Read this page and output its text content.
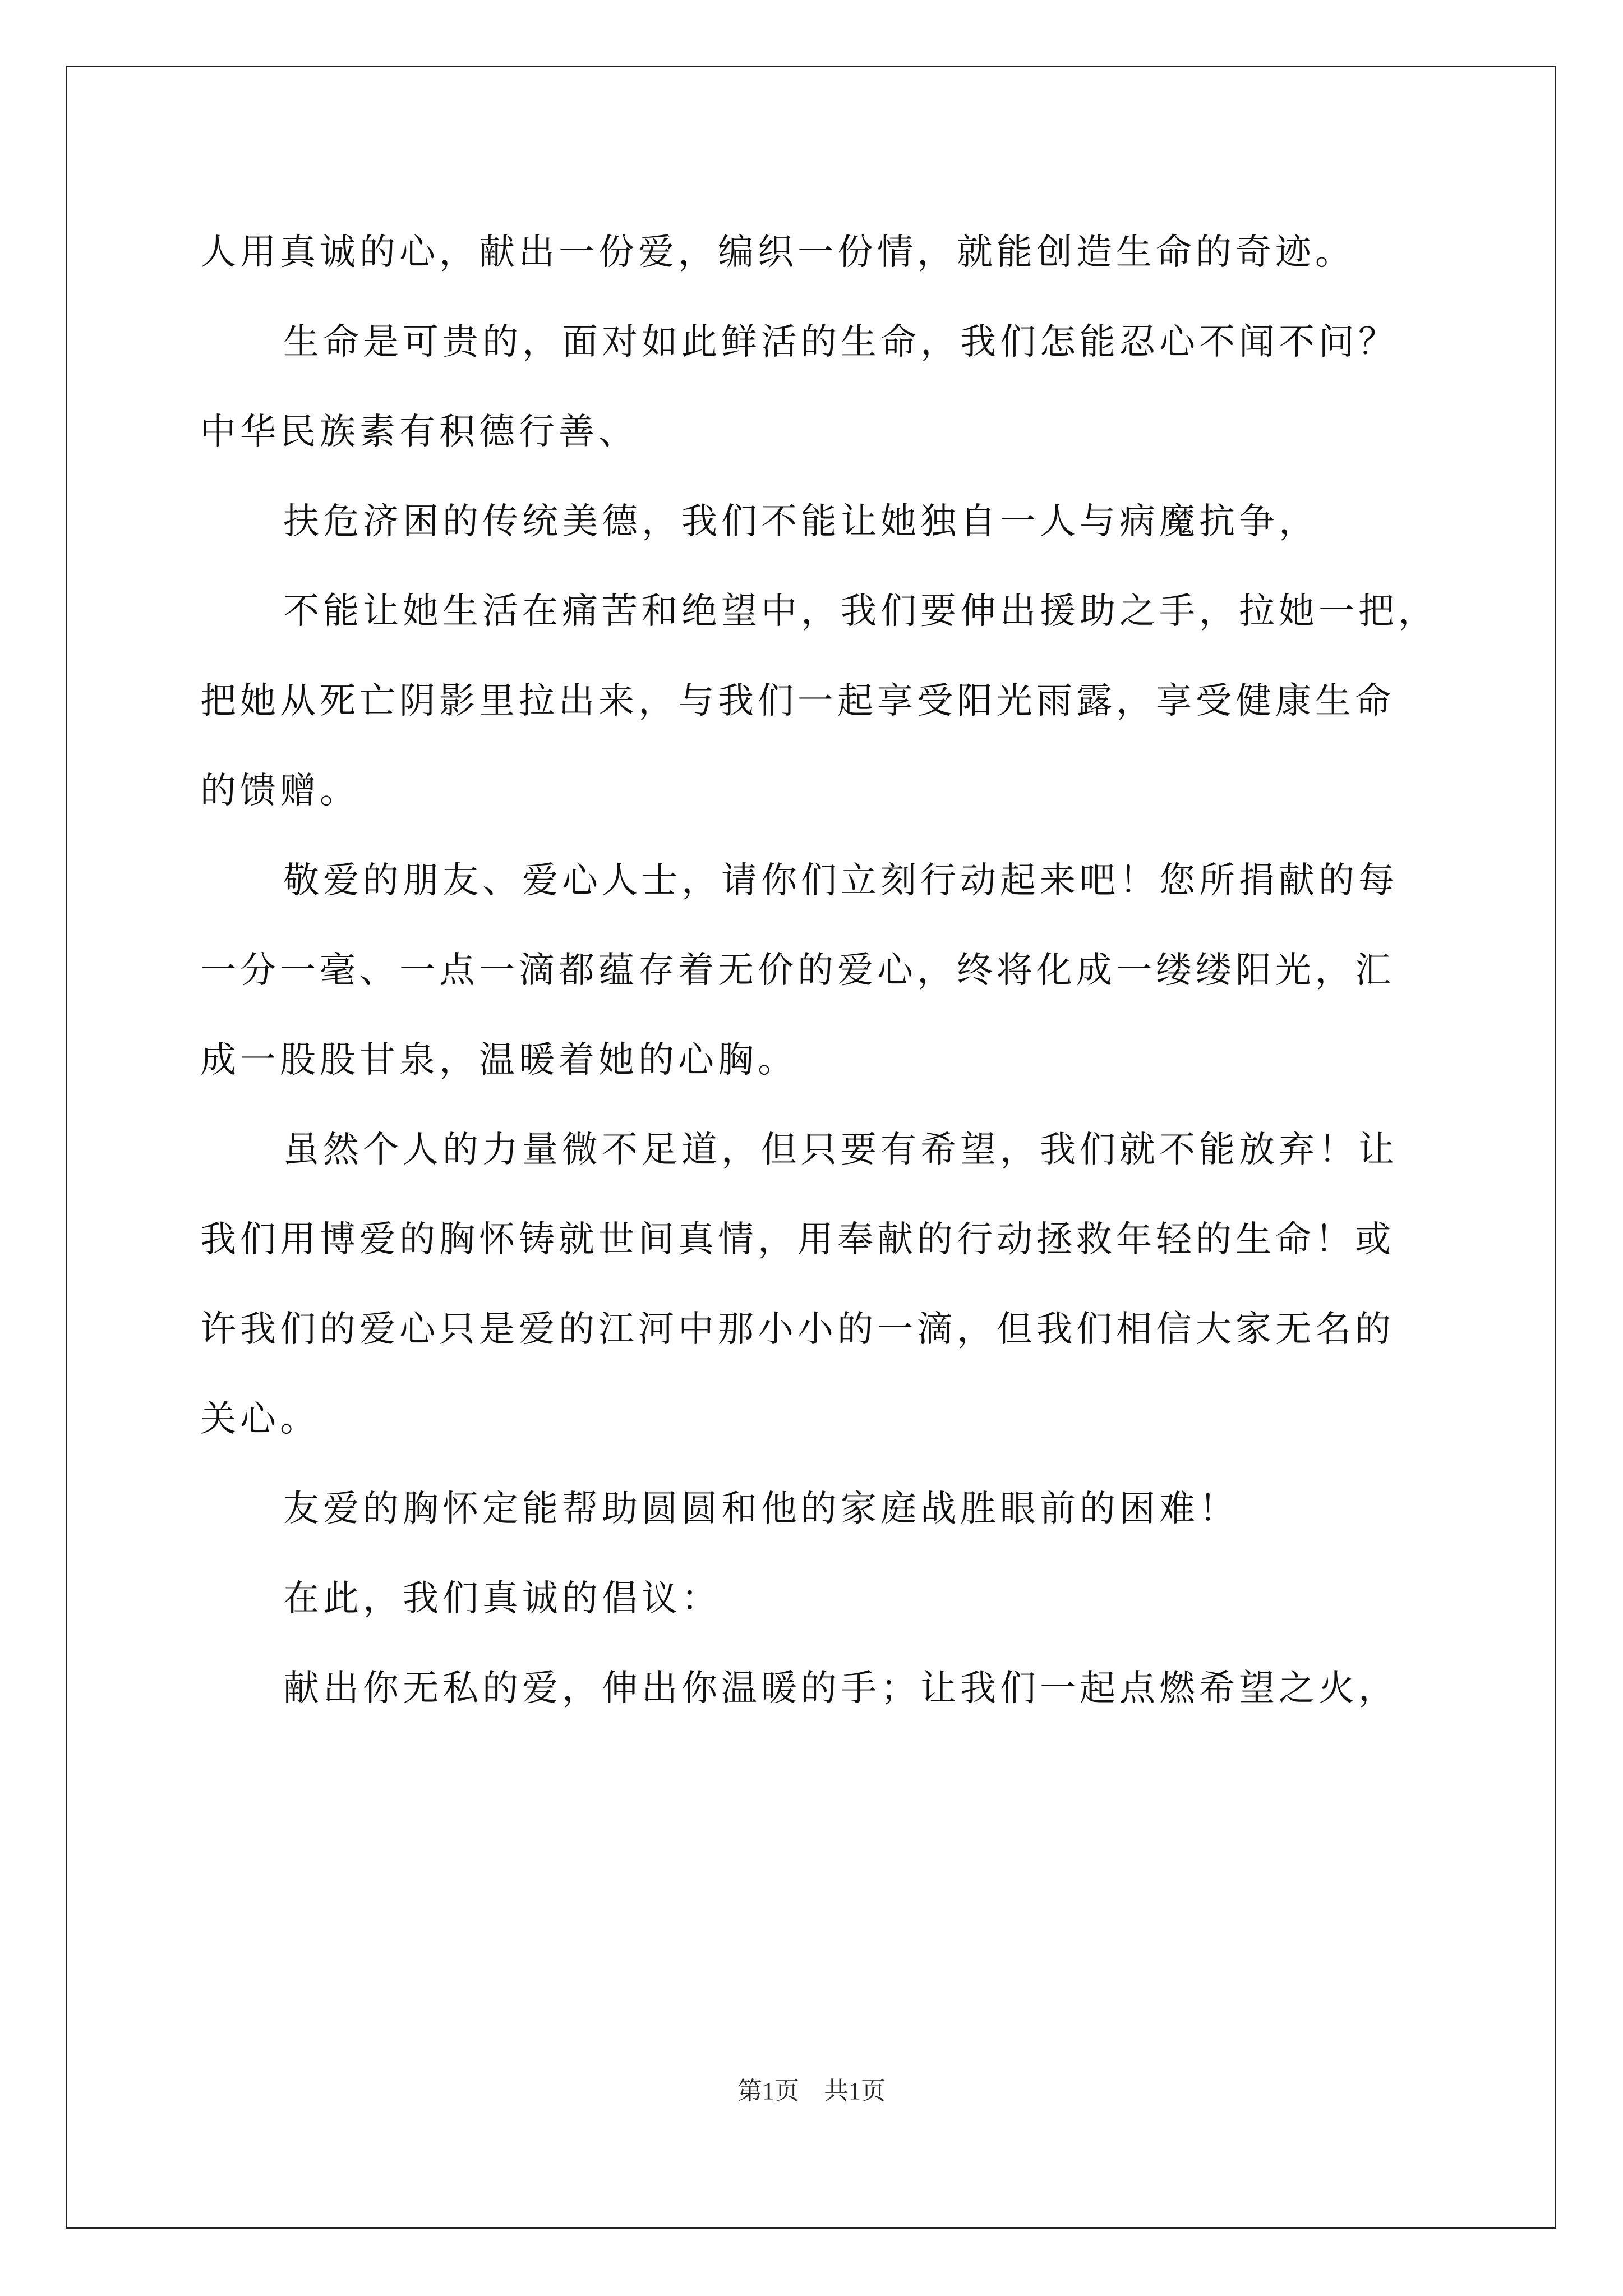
人用真诚的心，献出一份爱，编织一份情，就能创造生命的奇迹。
生命是可贵的，面对如此鲜活的生命，我们怎能忍心不闻不问？
中华民族素有积德行善、
扶危济困的传统美德，我们不能让她独自一人与病魔抗争，
不能让她生活在痛苦和绝望中，我们要伸出援助之手，拉她一把，
把她从死亡阴影里拉出来，与我们一起享受阳光雨露，享受健康生命
的馈赠。
敬爱的朋友、爱心人士，请你们立刻行动起来吧！您所捐献的每
一分一毫、一点一滴都蕴存着无价的爱心，终将化成一缕缕阳光，汇
成一股股甘泉，温暖着她的心胸。
虽然个人的力量微不足道，但只要有希望，我们就不能放弃！让
我们用博爱的胸怀铸就世间真情，用奉献的行动拯救年轻的生命！或
许我们的爱心只是爱的江河中那小小的一滴，但我们相信大家无名的
关心。
友爱的胸怀定能帮助圆圆和他的家庭战胜眼前的困难！
在此，我们真诚的倡议：
献出你无私的爱，伸出你温暖的手；让我们一起点燃希望之火，
第1页 共1页
